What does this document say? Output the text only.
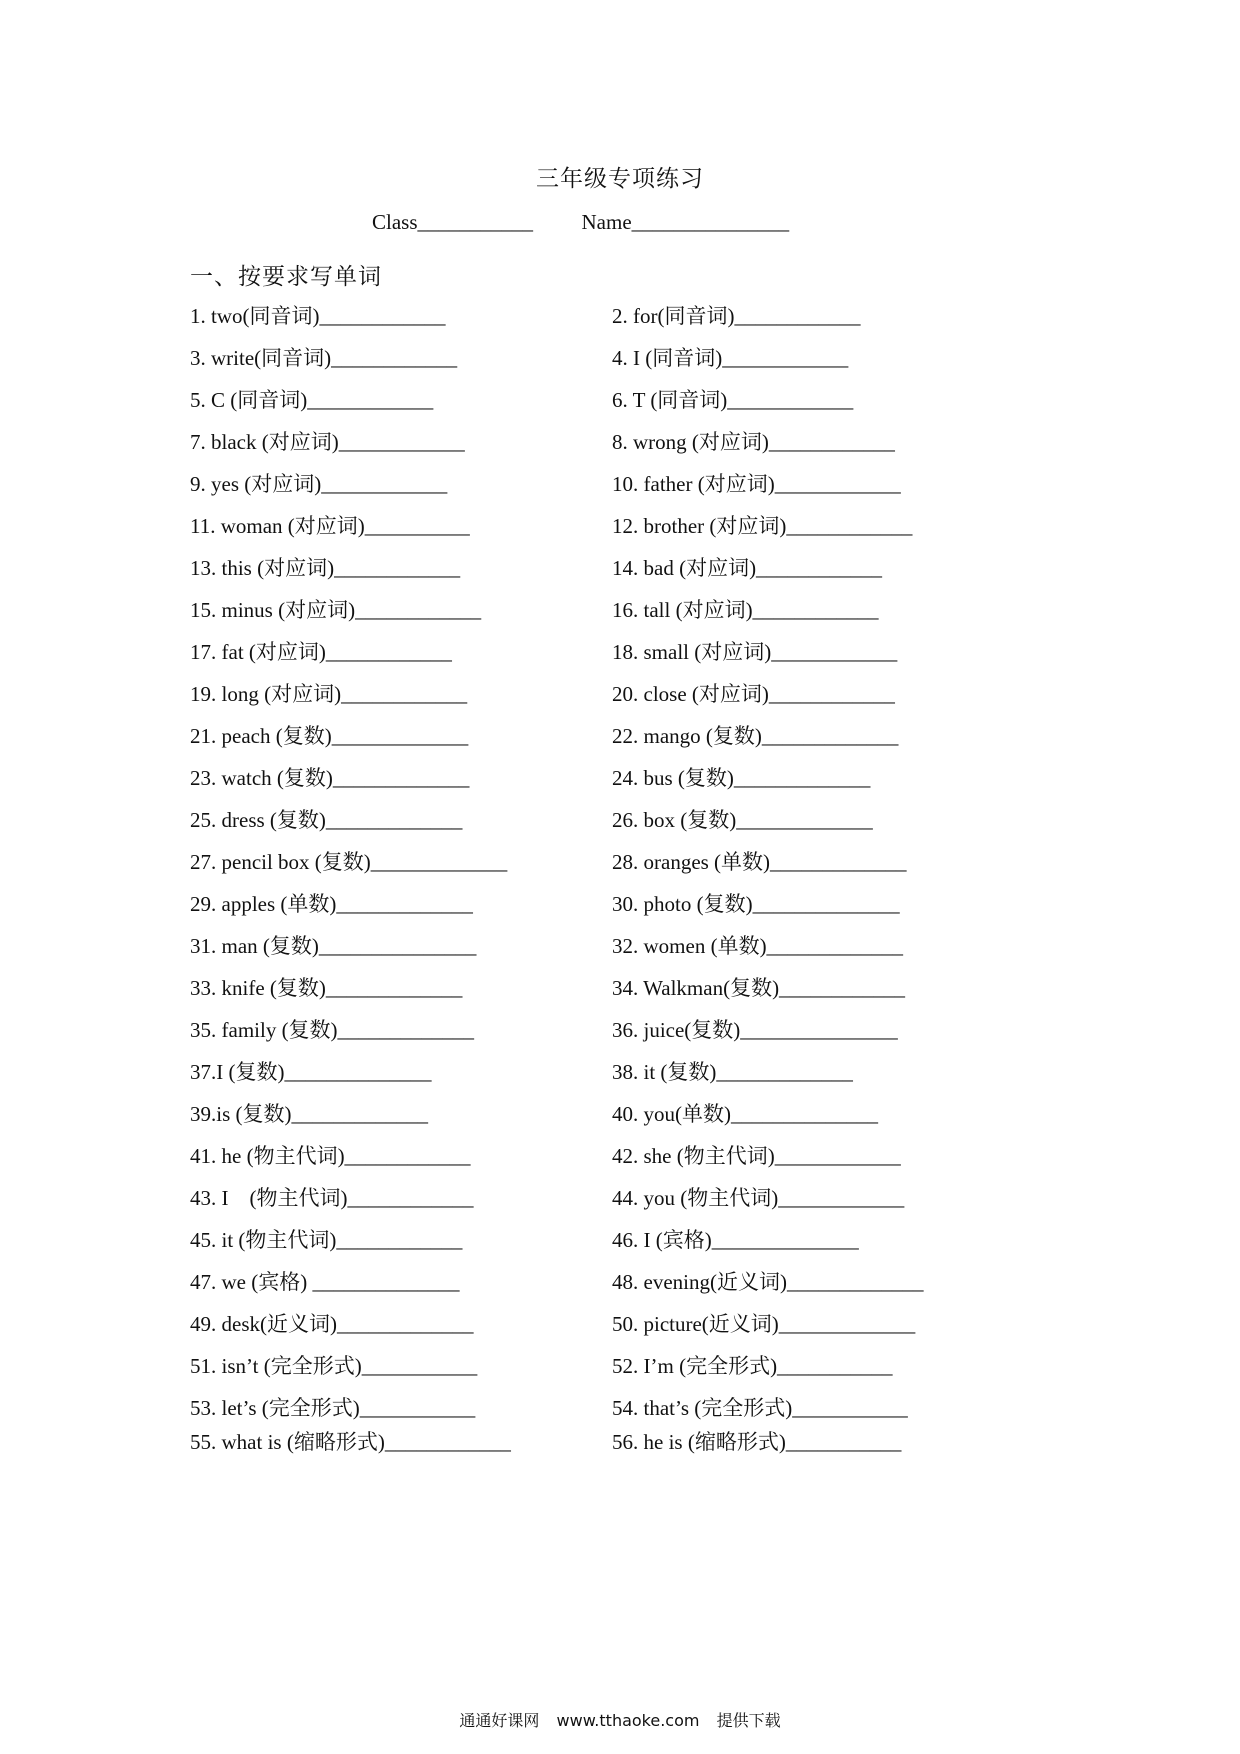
三年级专项练习
Class___________ Name_______________
一、按要求写单词
1. two(同音词)____________	2. for(同音词)____________
3. write(同音词)____________	4. I (同音词)____________
5. C (同音词)____________	6. T (同音词)____________
7. black (对应词)____________	8. wrong (对应词)____________
9. yes (对应词)____________	10. father (对应词)____________
11. woman (对应词)__________	12. brother (对应词)____________
13. this (对应词)____________	14. bad (对应词)____________
15. minus (对应词)____________	16. tall (对应词)____________
17. fat (对应词)____________	18. small (对应词)____________
19. long (对应词)____________	20. close (对应词)____________
21. peach (复数)_____________	22. mango (复数)_____________
23. watch (复数)_____________	24. bus (复数)_____________
25. dress (复数)_____________	26. box (复数)_____________
27. pencil box (复数)_____________	28. oranges (单数)_____________
29. apples (单数)_____________	30. photo (复数)______________
31. man (复数)_______________	32. women (单数)_____________
33. knife (复数)_____________	34. Walkman(复数)____________
35. family (复数)_____________	36. juice(复数)_______________
37.I (复数)______________	38. it (复数)_____________
39.is (复数)_____________	40. you(单数)______________
41. he (物主代词)____________	42. she (物主代词)____________
43. I　(物主代词)____________	44. you (物主代词)____________
45. it (物主代词)____________	46. I (宾格)______________
47. we (宾格) ______________	48. evening(近义词)_____________
49. desk(近义词)_____________	50. picture(近义词)_____________
51. isn’t (完全形式)___________	52. I’m (完全形式)___________
53. let’s (完全形式)___________	54. that’s (完全形式)___________
55. what is (缩略形式)____________	56. he is (缩略形式)___________
通通好课网 www.tthaoke.com 提供下载
